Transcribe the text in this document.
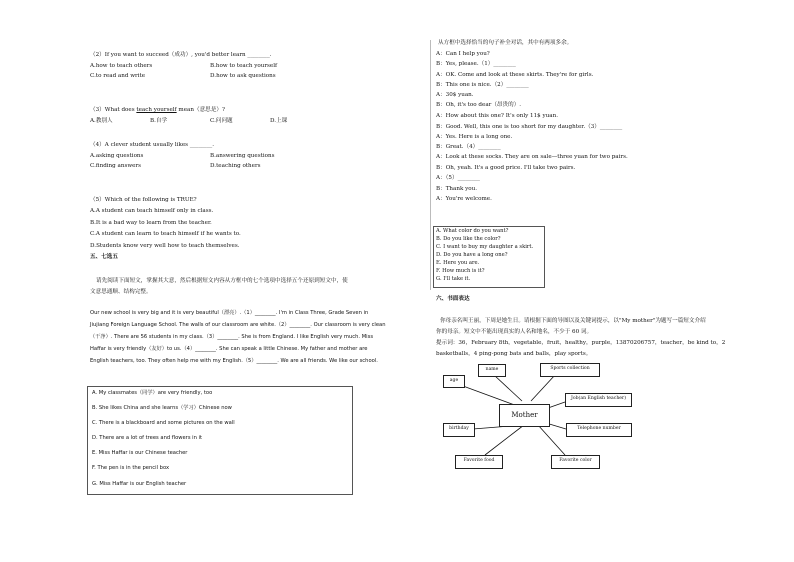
（2）If you want to succeed（成功）, you'd better learn ________.
A.how to teach others	B.how to teach yourself
C.to read and write	D.how to ask questions
（3）What does teach yourself mean（意思是）?
A.教别人	B.自学	C.问问题	D.上课
（4）A clever student usually likes ________.
A.asking questions	B.answering questions
C.finding answers	D.teaching others
（5）Which of the following is TRUE?
A.A student can teach himself only in class.
B.It is a bad way to learn from the teacher.
C.A student can learn to teach himself if he wants to.
D.Students know very well how to teach themselves.
五、七选五
请先阅读下面短文，掌握其大意，然后根据短文内容从方框中的七个选项中选择五个还原到短文中，使
文意思通顺、结构完整。
Our new school is very big and it is very beautiful（漂亮）.（1）________. I'm in Class Three, Grade Seven in
Jiujiang Foreign Language School. The walls of our classroom are white.（2）________. Our classroom is very clean
（干净）. There are 56 students in my class.（3）________. She is from England. I like English very much. Miss
Haffar is very friendly（友好）to us.（4）________. She can speak a little Chinese. My father and mother are
English teachers, too. They often help me with my English.（5）________. We are all friends. We like our school.
A. My classmates（同学）are very friendly, too
B. She likes China and she learns（学习）Chinese now
C. There is a blackboard and some pictures on the wall
D. There are a lot of trees and flowers in it
E. Miss Haffar is our Chinese teacher
F. The pen is in the pencil box
G. Miss Haffar is our English teacher
从方框中选择恰当的句子补全对话，其中有两项多余。
A：Can I help you?
B：Yes, please.（1）________
A：OK. Come and look at these skirts. They're for girls.
B：This one is nice.（2）________
A：30$ yuan.
B：Oh, it's too dear（昂贵的）.
A：How about this one? It's only 11$ yuan.
B：Good. Well, this one is too short for my daughter.（3）________
A：Yes. Here is a long one.
B：Great.（4）________
A：Look at these socks. They are on sale—three yuan for two pairs.
B：Oh, yeah. It's a good price. I'll take two pairs.
A：（5）________
B：Thank you.
A：You're welcome.
A. What color do you want?
B. Do you like the color?
C. I want to buy my daughter a skirt.
D. Do you have a long one?
E. Here you are.
F. How much is it?
G. I'll take it.
六、书面表达
你母亲名叫王丽，下周是她生日。请根据下面的导图以及关键词提示，以"My mother"为题写一篇短文介绍
你的母亲。短文中不能出现真实的人名和地名，不少于 60 词。
提示词：36，February 8th，vegetable，fruit，healthy，purple，13870206757，teacher，be kind to，2
basketballs，4 ping-pong bats and balls，play sports。
age
name	Sports collection
Mother
Job(an English teacher)
birthday	Telephone number
Favorite food	Favorite color
